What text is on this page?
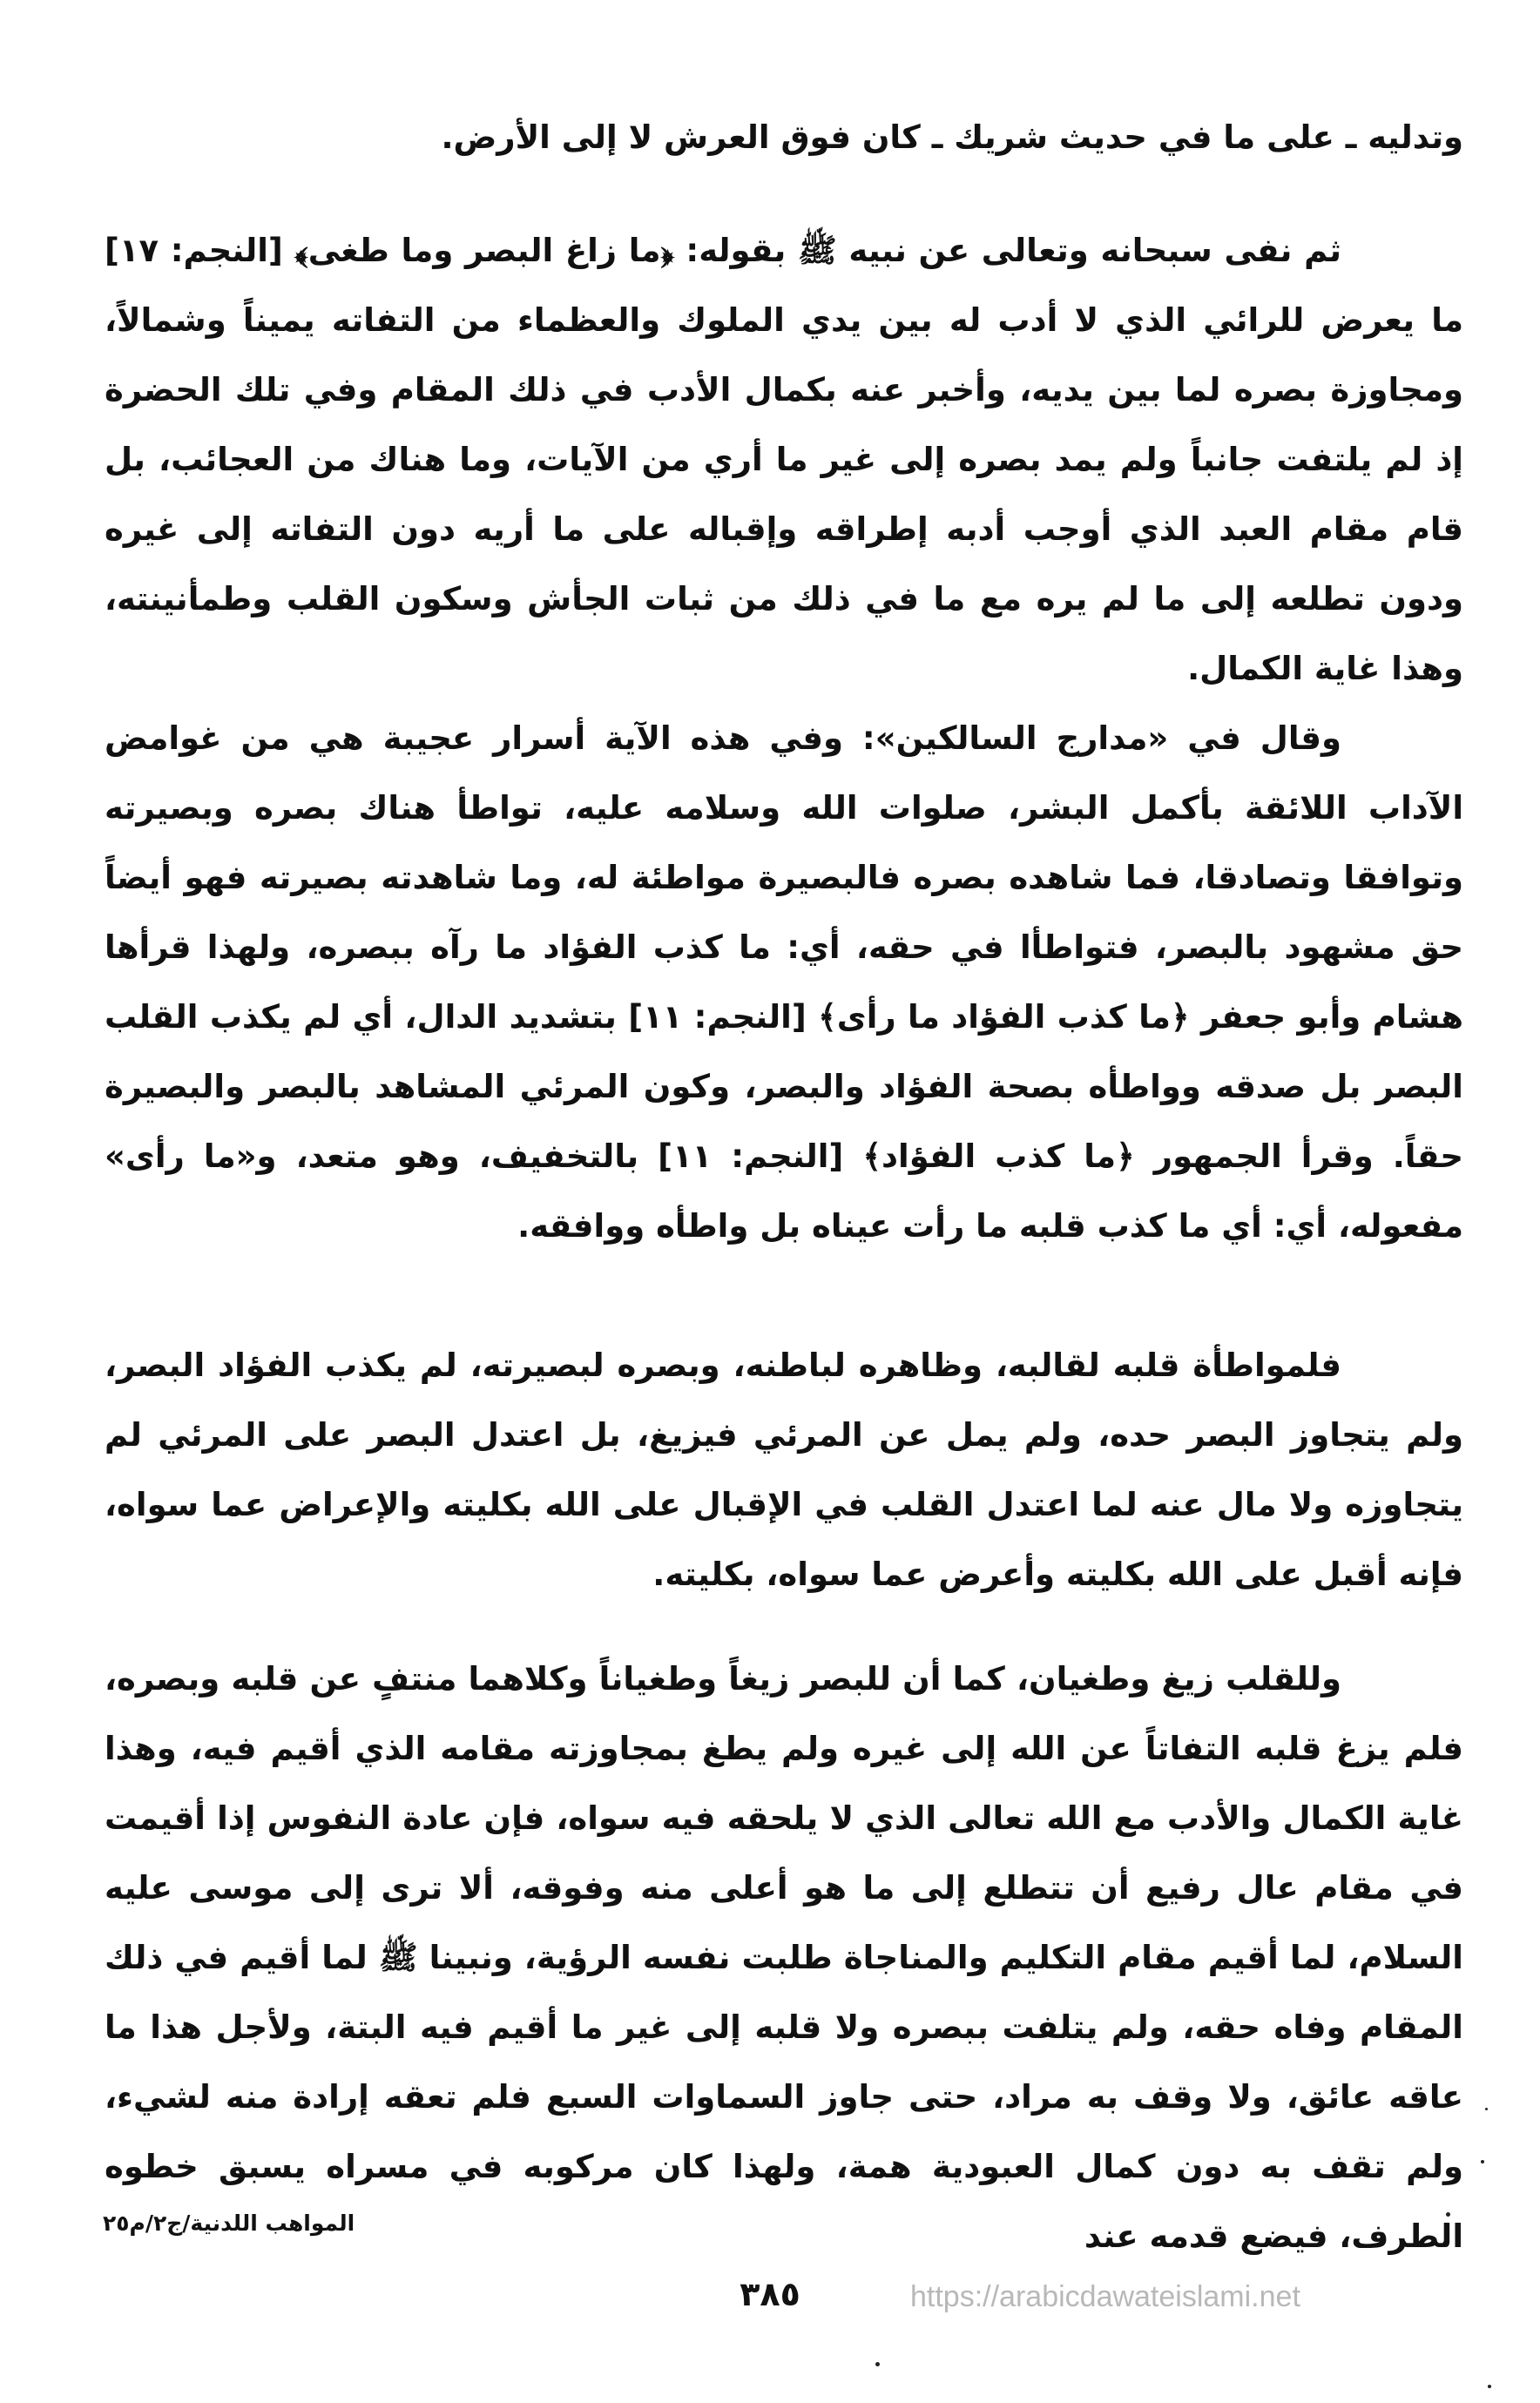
وتدليه ـ على ما في حديث شريك ـ كان فوق العرش لا إلى الأرض.

ثم نفى سبحانه وتعالى عن نبيه ﷺ بقوله: ﴿ما زاغ البصر وما طغى﴾ [النجم: ١٧] ما يعرض للرائي الذي لا أدب له بين يدي الملوك والعظماء من التفاته يميناً وشمالاً، ومجاوزة بصره لما بين يديه، وأخبر عنه بكمال الأدب في ذلك المقام وفي تلك الحضرة إذ لم يلتفت جانباً ولم يمد بصره إلى غير ما أري من الآيات، وما هناك من العجائب، بل قام مقام العبد الذي أوجب أدبه إطراقه وإقباله على ما أريه دون التفاته إلى غيره ودون تطلعه إلى ما لم يره مع ما في ذلك من ثبات الجأش وسكون القلب وطمأنينته، وهذا غاية الكمال.

وقال في «مدارج السالكين»: وفي هذه الآية أسرار عجيبة هي من غوامض الآداب اللائقة بأكمل البشر، صلوات الله وسلامه عليه، تواطأ هناك بصره وبصيرته وتوافقا وتصادقا، فما شاهده بصره فالبصيرة مواطئة له، وما شاهدته بصيرته فهو أيضاً حق مشهود بالبصر، فتواطأا في حقه، أي: ما كذب الفؤاد ما رآه ببصره، ولهذا قرأها هشام وأبو جعفر ﴿ما كذب الفؤاد ما رأى﴾ [النجم: ١١] بتشديد الدال، أي لم يكذب القلب البصر بل صدقه وواطأه بصحة الفؤاد والبصر، وكون المرئي المشاهد بالبصر والبصيرة حقاً. وقرأ الجمهور ﴿ما كذب الفؤاد﴾ [النجم: ١١] بالتخفيف، وهو متعد، و«ما رأى» مفعوله، أي: أي ما كذب قلبه ما رأت عيناه بل واطأه ووافقه.

فلمواطأة قلبه لقالبه، وظاهره لباطنه، وبصره لبصيرته، لم يكذب الفؤاد البصر، ولم يتجاوز البصر حده، ولم يمل عن المرئي فيزيغ، بل اعتدل البصر على المرئي لم يتجاوزه ولا مال عنه لما اعتدل القلب في الإقبال على الله بكليته والإعراض عما سواه، فإنه أقبل على الله بكليته وأعرض عما سواه، بكليته.

وللقلب زيغ وطغيان، كما أن للبصر زيغاً وطغياناً وكلاهما منتفٍ عن قلبه وبصره، فلم يزغ قلبه التفاتاً عن الله إلى غيره ولم يطغ بمجاوزته مقامه الذي أقيم فيه، وهذا غاية الكمال والأدب مع الله تعالى الذي لا يلحقه فيه سواه، فإن عادة النفوس إذا أقيمت في مقام عال رفيع أن تتطلع إلى ما هو أعلى منه وفوقه، ألا ترى إلى موسى عليه السلام، لما أقيم مقام التكليم والمناجاة طلبت نفسه الرؤية، ونبينا ﷺ لما أقيم في ذلك المقام وفاه حقه، ولم يتلفت ببصره ولا قلبه إلى غير ما أقيم فيه البتة، ولأجل هذا ما عاقه عائق، ولا وقف به مراد، حتى جاوز السماوات السبع فلم تعقه إرادة منه لشيء، ولم تقف به دون كمال العبودية همة، ولهذا كان مركوبه في مسراه يسبق خطوه الطرف، فيضع قدمه عند

المواهب اللدنية/ج٢/م٢٥
٣٨٥	https://arabicdawateislami.net
